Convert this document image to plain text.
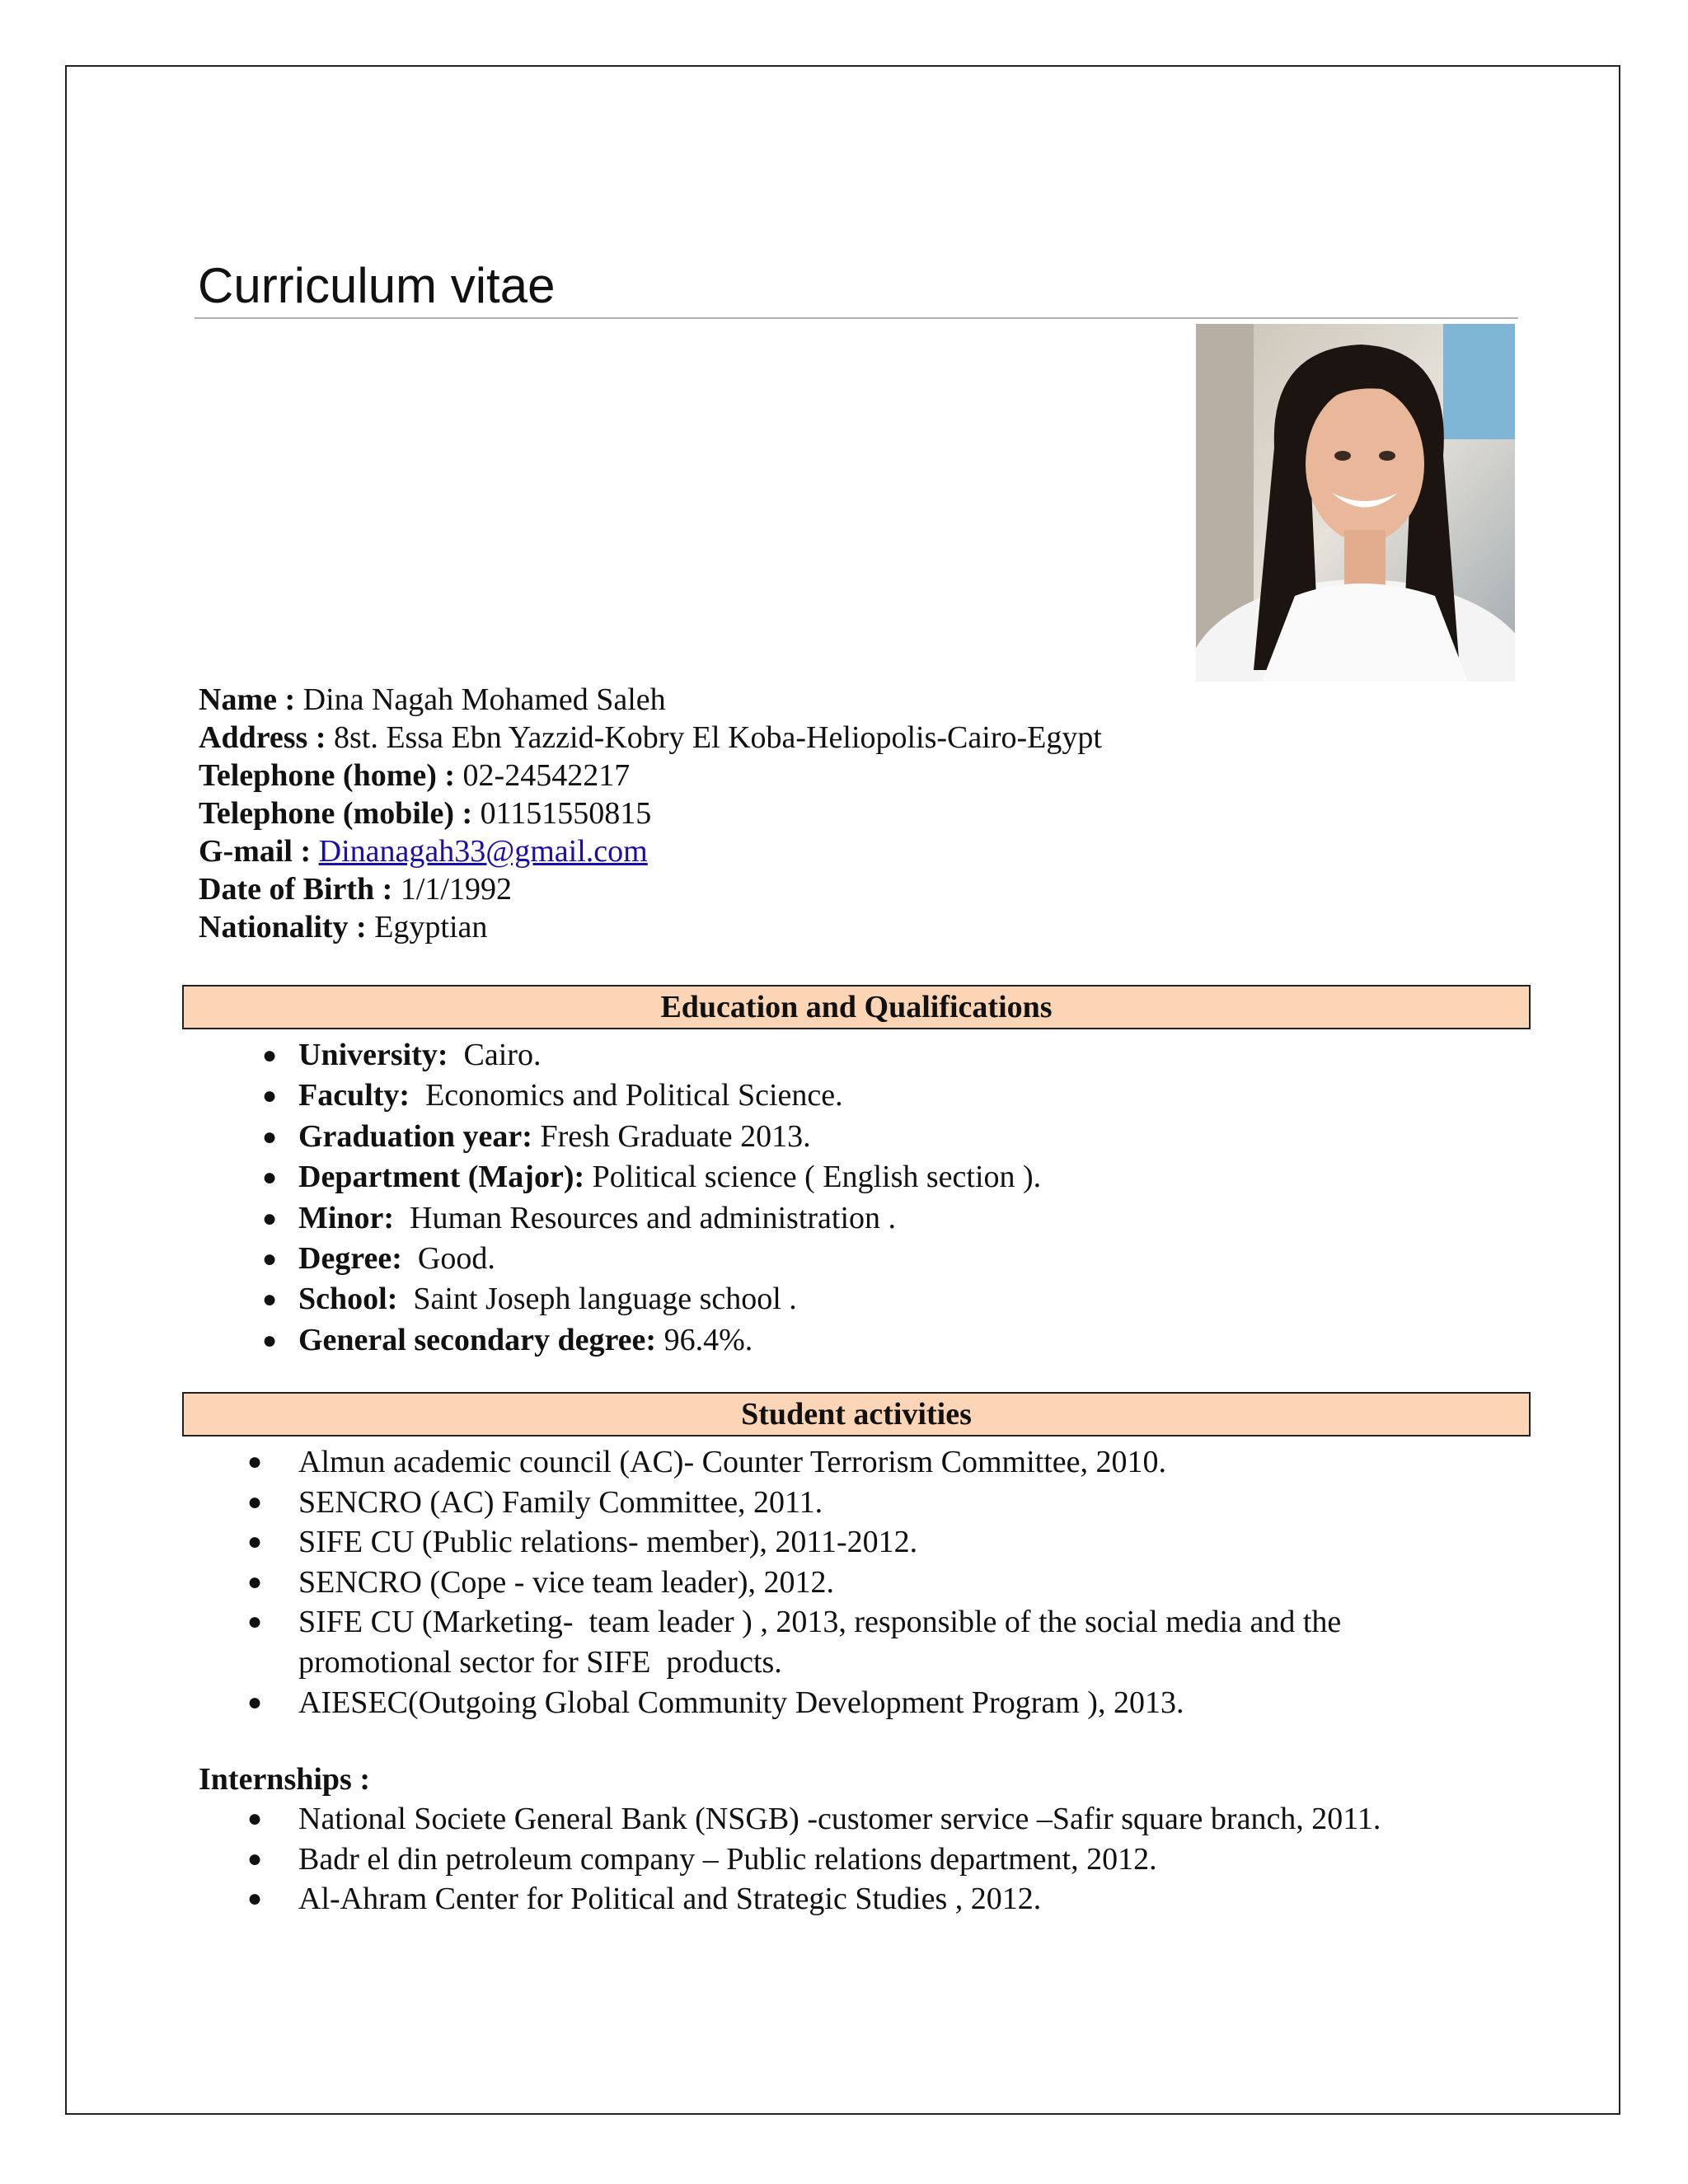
Curriculum vitae
Name : Dina Nagah Mohamed Saleh
Address : 8st. Essa Ebn Yazzid-Kobry El Koba-Heliopolis-Cairo-Egypt
Telephone (home) : 02-24542217
Telephone (mobile) : 01151550815
G-mail : Dinanagah33@gmail.com
Date of Birth : 1/1/1992
Nationality : Egyptian
Education and Qualifications
● University:  Cairo.
● Faculty:  Economics and Political Science.
● Graduation year: Fresh Graduate 2013.
● Department (Major): Political science ( English section ).
● Minor:  Human Resources and administration .
● Degree:  Good.
● School:  Saint Joseph language school .
● General secondary degree: 96.4%.
Student activities
● Almun academic council (AC)- Counter Terrorism Committee, 2010.
● SENCRO (AC) Family Committee, 2011.
● SIFE CU (Public relations- member), 2011-2012.
● SENCRO (Cope - vice team leader), 2012.
● SIFE CU (Marketing-  team leader ) , 2013, responsible of the social media and the
promotional sector for SIFE  products.
● AIESEC(Outgoing Global Community Development Program ), 2013.
Internships :
● National Societe General Bank (NSGB) -customer service –Safir square branch, 2011.
● Badr el din petroleum company – Public relations department, 2012.
● Al-Ahram Center for Political and Strategic Studies , 2012.
